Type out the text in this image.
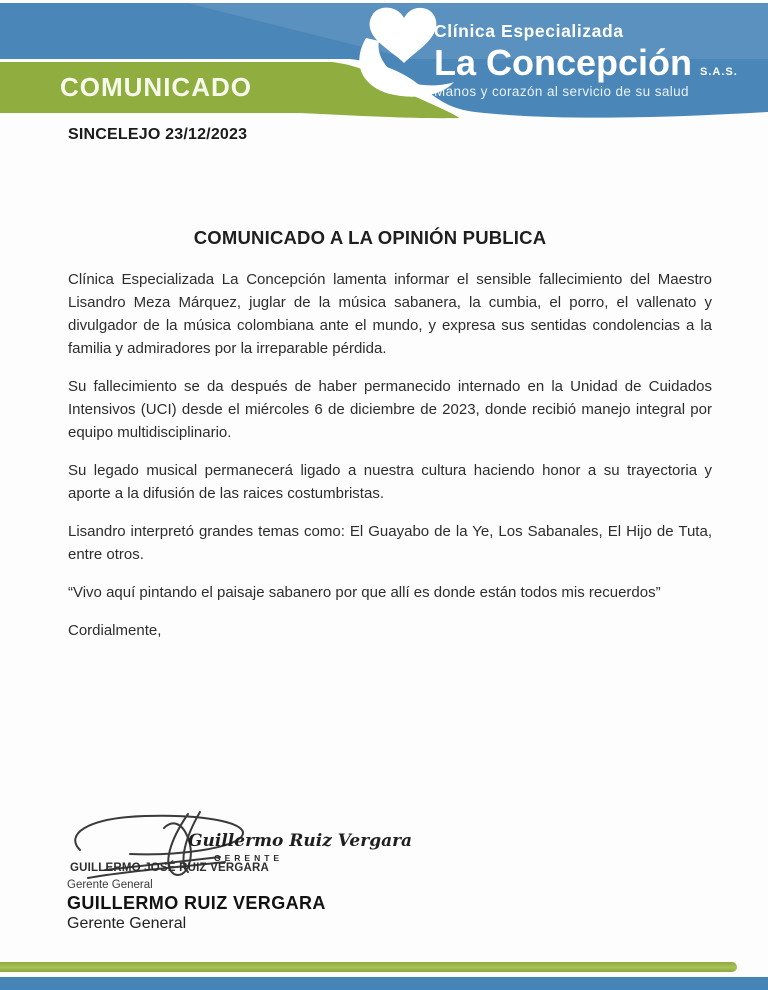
COMUNICADO
Clínica Especializada
La Concepción S.A.S.
Manos y corazón al servicio de su salud
SINCELEJO 23/12/2023
COMUNICADO A LA OPINIÓN PUBLICA

Clínica Especializada La Concepción lamenta informar el sensible fallecimiento del Maestro Lisandro Meza Márquez, juglar de la música sabanera, la cumbia, el porro, el vallenato y divulgador de la música colombiana ante el mundo, y expresa sus sentidas condolencias a la familia y admiradores por la irreparable pérdida.

Su fallecimiento se da después de haber permanecido internado en la Unidad de Cuidados Intensivos (UCI) desde el miércoles 6 de diciembre de 2023, donde recibió manejo integral por equipo multidisciplinario.

Su legado musical permanecerá ligado a nuestra cultura haciendo honor a su trayectoria y aporte a la difusión de las raices costumbristas.

Lisandro interpretó grandes temas como: El Guayabo de la Ye, Los Sabanales, El Hijo de Tuta, entre otros.

“Vivo aquí pintando el paisaje sabanero por que allí es donde están todos mis recuerdos”

Cordialmente,

Guillermo Ruiz Vergara
GERENTE
GUILLERMO JOSÉ RUIZ VERGARA
Gerente General
GUILLERMO RUIZ VERGARA
Gerente General
